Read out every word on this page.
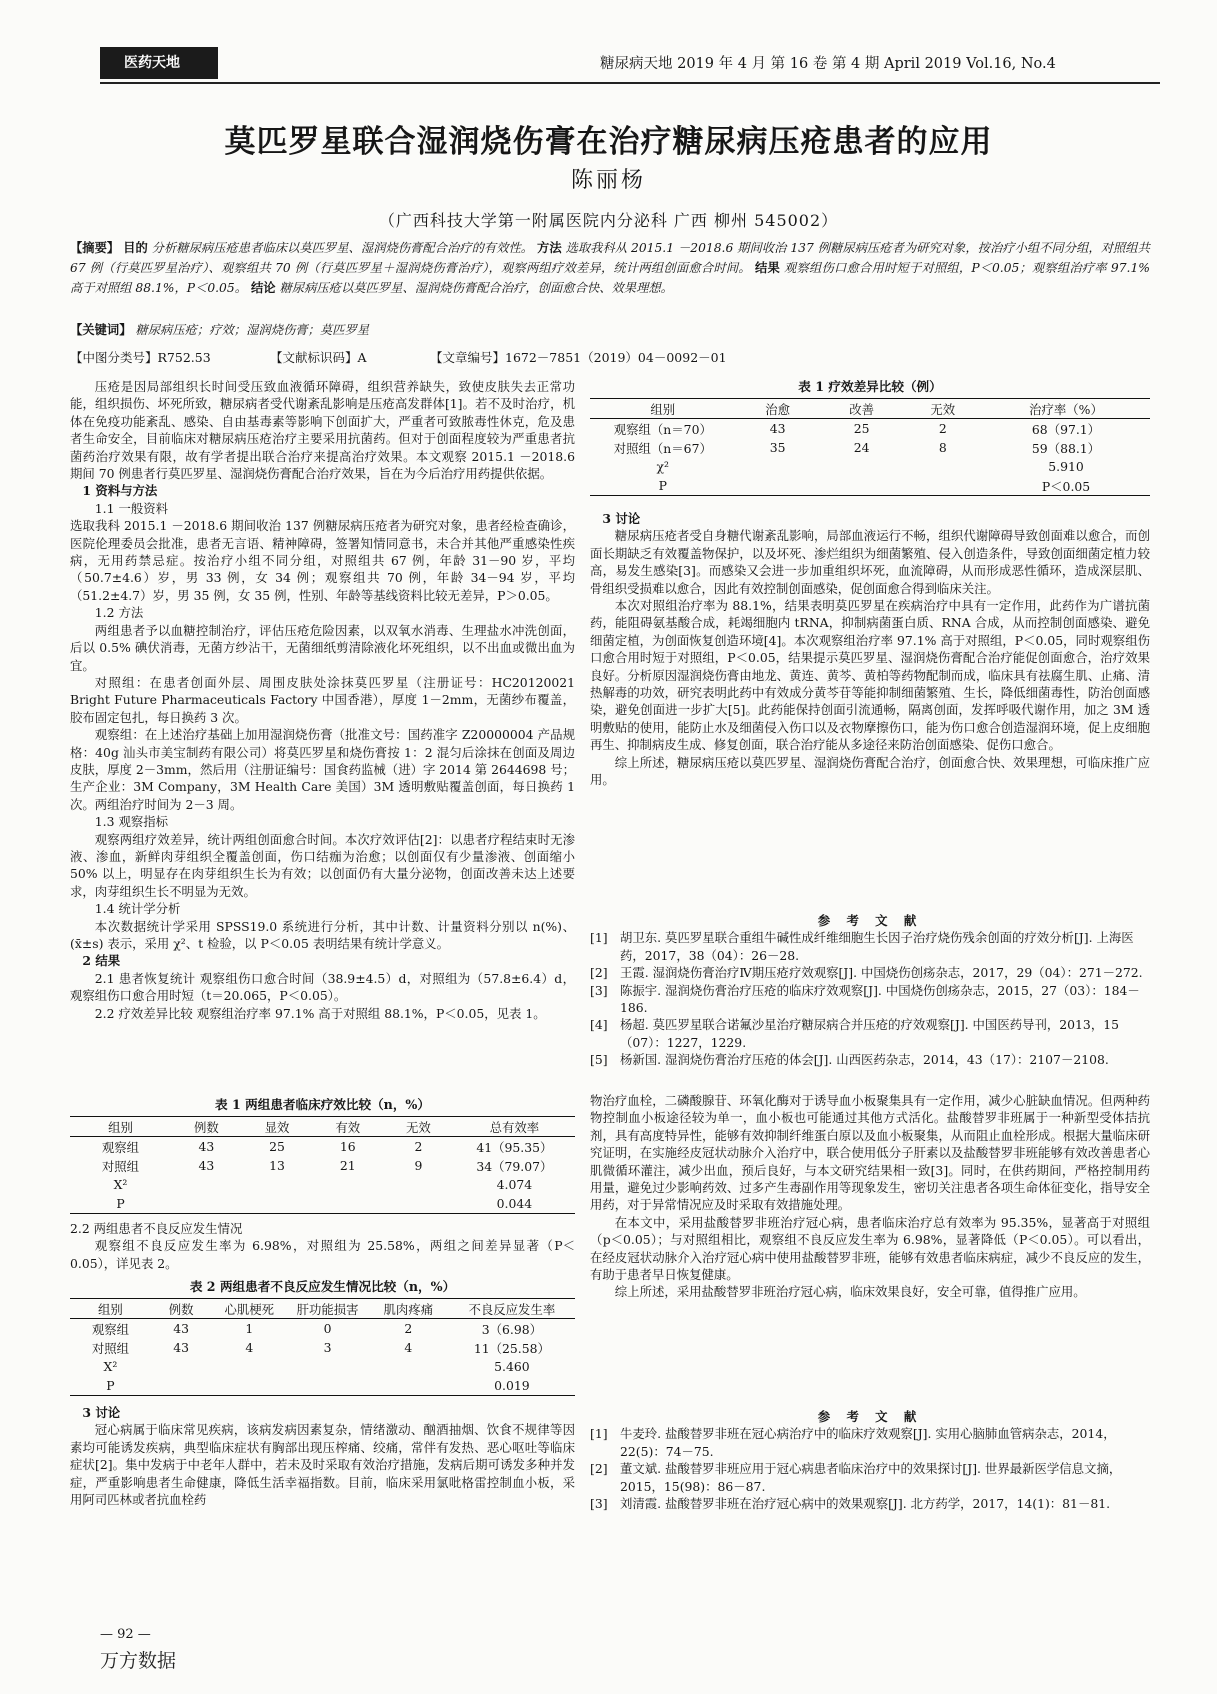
医药天地	糖尿病天地 2019 年 4 月 第 16 卷 第 4 期 April 2019 Vol.16, No.4
莫匹罗星联合湿润烧伤膏在治疗糖尿病压疮患者的应用
陈丽杨
（广西科技大学第一附属医院内分泌科 广西 柳州 545002）
【摘要】 目的 分析糖尿病压疮患者临床以莫匹罗星、湿润烧伤膏配合治疗的有效性。 方法 选取我科从 2015.1 －2018.6 期间收治 137 例糖尿病压疮者为研究对象，按治疗小组不同分组，对照组共 67 例（行莫匹罗星治疗）、观察组共 70 例（行莫匹罗星＋湿润烧伤膏治疗），观察两组疗效差异，统计两组创面愈合时间。 结果 观察组伤口愈合用时短于对照组，P＜0.05；观察组治疗率 97.1% 高于对照组 88.1%，P＜0.05。 结论 糖尿病压疮以莫匹罗星、湿润烧伤膏配合治疗，创面愈合快、效果理想。
【关键词】 糖尿病压疮；疗效；湿润烧伤膏；莫匹罗星
【中图分类号】R752.53	【文献标识码】A	【文章编号】1672－7851（2019）04－0092－01

压疮是因局部组织长时间受压致血液循环障碍，组织营养缺失，致使皮肤失去正常功能，组织损伤、坏死所致，糖尿病者受代谢紊乱影响是压疮高发群体[1]。若不及时治疗，机体在免疫功能紊乱、感染、自由基毒素等影响下创面扩大，严重者可致脓毒性休克，危及患者生命安全，目前临床对糖尿病压疮治疗主要采用抗菌药。但对于创面程度较为严重患者抗菌药治疗效果有限，故有学者提出联合治疗来提高治疗效果。本文观察 2015.1 －2018.6 期间 70 例患者行莫匹罗星、湿润烧伤膏配合治疗效果，旨在为今后治疗用药提供依据。

1 资料与方法

1.1 一般资料

选取我科 2015.1 －2018.6 期间收治 137 例糖尿病压疮者为研究对象，患者经检查确诊，医院伦理委员会批准，患者无言语、精神障碍，签署知情同意书，未合并其他严重感染性疾病，无用药禁忌症。按治疗小组不同分组，对照组共 67 例，年龄 31－90 岁，平均（50.7±4.6）岁，男 33 例，女 34 例；观察组共 70 例，年龄 34－94 岁，平均（51.2±4.7）岁，男 35 例，女 35 例，性别、年龄等基线资料比较无差异，P＞0.05。

1.2 方法

两组患者予以血糖控制治疗，评估压疮危险因素，以双氧水消毒、生理盐水冲洗创面，后以 0.5% 碘伏消毒，无菌方纱沾干，无菌细纸剪清除液化坏死组织，以不出血或微出血为宜。

对照组：在患者创面外层、周围皮肤处涂抹莫匹罗星（注册证号：HC20120021 Bright Future Pharmaceuticals Factory 中国香港），厚度 1－2mm，无菌纱布覆盖，胶布固定包扎，每日换药 3 次。

观察组：在上述治疗基础上加用湿润烧伤膏（批准文号：国药准字 Z20000004 产品规格：40g 汕头市美宝制药有限公司）将莫匹罗星和烧伤膏按 1：2 混匀后涂抹在创面及周边皮肤，厚度 2－3mm，然后用（注册证编号：国食药监械（进）字 2014 第 2644698 号；生产企业：3M Company，3M Health Care 美国）3M 透明敷贴覆盖创面，每日换药 1 次。两组治疗时间为 2－3 周。

1.3 观察指标

观察两组疗效差异，统计两组创面愈合时间。本次疗效评估[2]：以患者疗程结束时无渗液、渗血，新鲜肉芽组织全覆盖创面，伤口结痂为治愈；以创面仅有少量渗液、创面缩小 50% 以上，明显存在肉芽组织生长为有效；以创面仍有大量分泌物，创面改善未达上述要求，肉芽组织生长不明显为无效。

1.4 统计学分析

本次数据统计学采用 SPSS19.0 系统进行分析，其中计数、计量资料分别以 n(%)、(x̄±s) 表示，采用 χ²、t 检验，以 P＜0.05 表明结果有统计学意义。

2 结果

2.1 患者恢复统计 观察组伤口愈合时间（38.9±4.5）d，对照组为（57.8±6.4）d，观察组伤口愈合用时短（t＝20.065，P＜0.05）。

2.2 疗效差异比较 观察组治疗率 97.1% 高于对照组 88.1%，P＜0.05，见表 1。

表 1 疗效差异比较（例）
组别	治愈	改善	无效	治疗率（%）
观察组（n＝70）	43	25	2	68（97.1）
对照组（n＝67）	35	24	8	59（88.1）
χ²				5.910
P				P＜0.05

3 讨论

糖尿病压疮者受自身糖代谢紊乱影响，局部血液运行不畅，组织代谢障碍导致创面难以愈合，而创面长期缺乏有效覆盖物保护，以及坏死、渗烂组织为细菌繁殖、侵入创造条件，导致创面细菌定植力较高，易发生感染[3]。而感染又会进一步加重组织坏死，血流障碍，从而形成恶性循环，造成深层肌、骨组织受损难以愈合，因此有效控制创面感染，促创面愈合得到临床关注。

本次对照组治疗率为 88.1%，结果表明莫匹罗星在疾病治疗中具有一定作用，此药作为广谱抗菌药，能阻碍氨基酸合成，耗竭细胞内 tRNA，抑制病菌蛋白质、RNA 合成，从而控制创面感染、避免细菌定植，为创面恢复创造环境[4]。本次观察组治疗率 97.1% 高于对照组，P＜0.05，同时观察组伤口愈合用时短于对照组，P＜0.05，结果提示莫匹罗星、湿润烧伤膏配合治疗能促创面愈合，治疗效果良好。分析原因湿润烧伤膏由地龙、黄连、黄芩、黄柏等药物配制而成，临床具有祛腐生肌、止痛、清热解毒的功效，研究表明此药中有效成分黄芩苷等能抑制细菌繁殖、生长，降低细菌毒性，防治创面感染，避免创面进一步扩大[5]。此药能保持创面引流通畅，隔离创面，发挥呼吸代谢作用，加之 3M 透明敷贴的使用，能防止水及细菌侵入伤口以及衣物摩擦伤口，能为伤口愈合创造湿润环境，促上皮细胞再生、抑制病皮生成、修复创面，联合治疗能从多途径来防治创面感染、促伤口愈合。

综上所述，糖尿病压疮以莫匹罗星、湿润烧伤膏配合治疗，创面愈合快、效果理想，可临床推广应用。

参 考 文 献
[1] 胡卫东. 莫匹罗星联合重组牛碱性成纤维细胞生长因子治疗烧伤残余创面的疗效分析[J]. 上海医药，2017，38（04）：26－28.
[2] 王霞. 湿润烧伤膏治疗Ⅳ期压疮疗效观察[J]. 中国烧伤创疡杂志，2017，29（04）：271－272.
[3] 陈振宇. 湿润烧伤膏治疗压疮的临床疗效观察[J]. 中国烧伤创疡杂志，2015，27（03）：184－186.
[4] 杨超. 莫匹罗星联合诺氟沙星治疗糖尿病合并压疮的疗效观察[J]. 中国医药导刊，2013，15（07）：1227，1229.
[5] 杨新国. 湿润烧伤膏治疗压疮的体会[J]. 山西医药杂志，2014，43（17）：2107－2108.
表 1 两组患者临床疗效比较（n，%）
组别	例数	显效	有效	无效	总有效率
观察组	43	25	16	2	41（95.35）
对照组	43	13	21	9	34（79.07）
X²					4.074
P					0.044

2.2 两组患者不良反应发生情况

观察组不良反应发生率为 6.98%，对照组为 25.58%，两组之间差异显著（P＜0.05），详见表 2。

表 2 两组患者不良反应发生情况比较（n，%）
组别	例数	心肌梗死	肝功能损害	肌肉疼痛	不良反应发生率
观察组	43	1	0	2	3（6.98）
对照组	43	4	3	4	11（25.58）
X²					5.460
P					0.019

3 讨论

冠心病属于临床常见疾病，该病发病因素复杂，情绪激动、酗酒抽烟、饮食不规律等因素均可能诱发疾病，典型临床症状有胸部出现压榨痛、绞痛，常伴有发热、恶心呕吐等临床症状[2]。集中发病于中老年人群中，若未及时采取有效治疗措施，发病后期可诱发多种并发症，严重影响患者生命健康，降低生活幸福指数。目前，临床采用氯吡格雷控制血小板，采用阿司匹林或者抗血栓药

物治疗血栓，二磷酸腺苷、环氧化酶对于诱导血小板聚集具有一定作用，减少心脏缺血情况。但两种药物控制血小板途径较为单一，血小板也可能通过其他方式活化。盐酸替罗非班属于一种新型受体拮抗剂，具有高度特异性，能够有效抑制纤维蛋白原以及血小板聚集，从而阻止血栓形成。根据大量临床研究证明，在实施经皮冠状动脉介入治疗中，联合使用低分子肝素以及盐酸替罗非班能够有效改善患者心肌微循环灌注，减少出血，预后良好，与本文研究结果相一致[3]。同时，在供药期间，严格控制用药用量，避免过少影响药效、过多产生毒副作用等现象发生，密切关注患者各项生命体征变化，指导安全用药，对于异常情况应及时采取有效措施处理。

在本文中，采用盐酸替罗非班治疗冠心病，患者临床治疗总有效率为 95.35%，显著高于对照组（p＜0.05）；与对照组相比，观察组不良反应发生率为 6.98%，显著降低（P＜0.05）。可以看出，在经皮冠状动脉介入治疗冠心病中使用盐酸替罗非班，能够有效患者临床病症，减少不良反应的发生，有助于患者早日恢复健康。

综上所述，采用盐酸替罗非班治疗冠心病，临床效果良好，安全可靠，值得推广应用。

参 考 文 献
[1] 牛麦玲. 盐酸替罗非班在冠心病治疗中的临床疗效观察[J]. 实用心脑肺血管病杂志，2014，22(5)：74－75.
[2] 董文斌. 盐酸替罗非班应用于冠心病患者临床治疗中的效果探讨[J]. 世界最新医学信息文摘，2015，15(98)：86－87.
[3] 刘清霞. 盐酸替罗非班在治疗冠心病中的效果观察[J]. 北方药学，2017，14(1)：81－81.
— 92 —
万方数据
